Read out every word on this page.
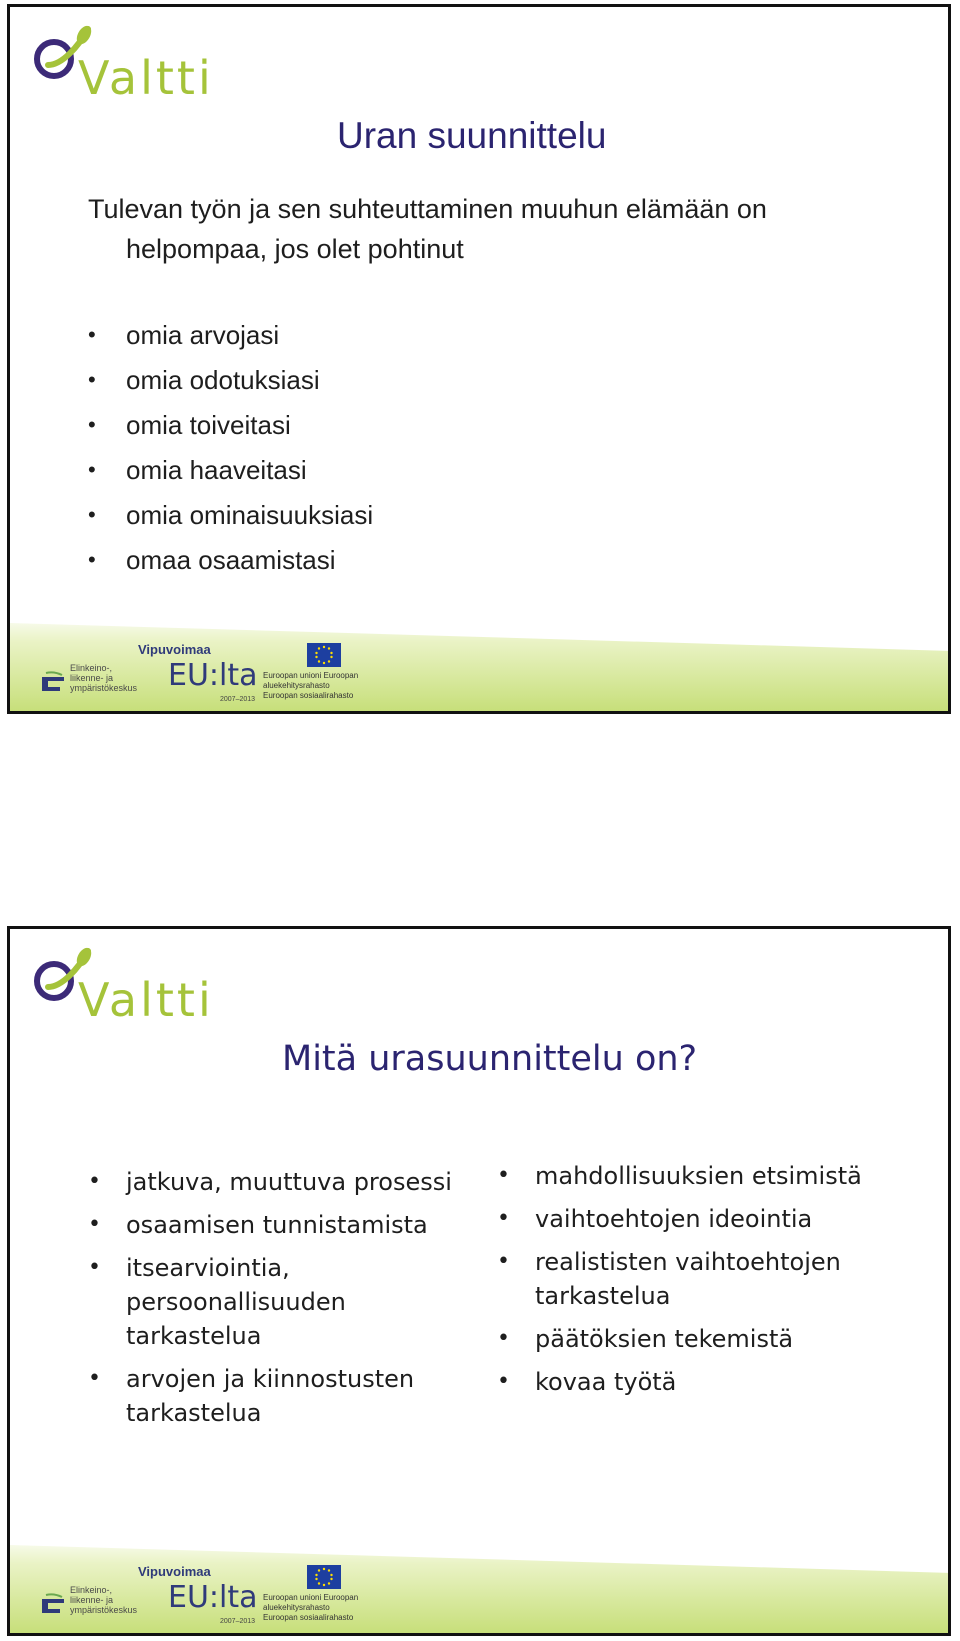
Valtti
Uran suunnittelu
Tulevan työn ja sen suhteuttaminen muuhun elämään on
helpompaa, jos olet pohtinut
• omia arvojasi
• omia odotuksiasi
• omia toiveitasi
• omia haaveitasi
• omia ominaisuuksiasi
• omaa osaamistasi
Elinkeino-, liikenne- ja ympäristökeskus
Vipuvoimaa
EU:lta
2007–2013
Euroopan unioni Euroopan aluekehitysrahasto Euroopan sosiaalirahasto
Valtti
Mitä urasuunnittelu on?
• jatkuva, muuttuva prosessi
• osaamisen tunnistamista
• itsearviointia, persoonallisuuden tarkastelua
• arvojen ja kiinnostusten tarkastelua
• mahdollisuuksien etsimistä
• vaihtoehtojen ideointia
• realististen vaihtoehtojen tarkastelua
• päätöksien tekemistä
• kovaa työtä
Elinkeino-, liikenne- ja ympäristökeskus
Vipuvoimaa
EU:lta
2007–2013
Euroopan unioni Euroopan aluekehitysrahasto Euroopan sosiaalirahasto
